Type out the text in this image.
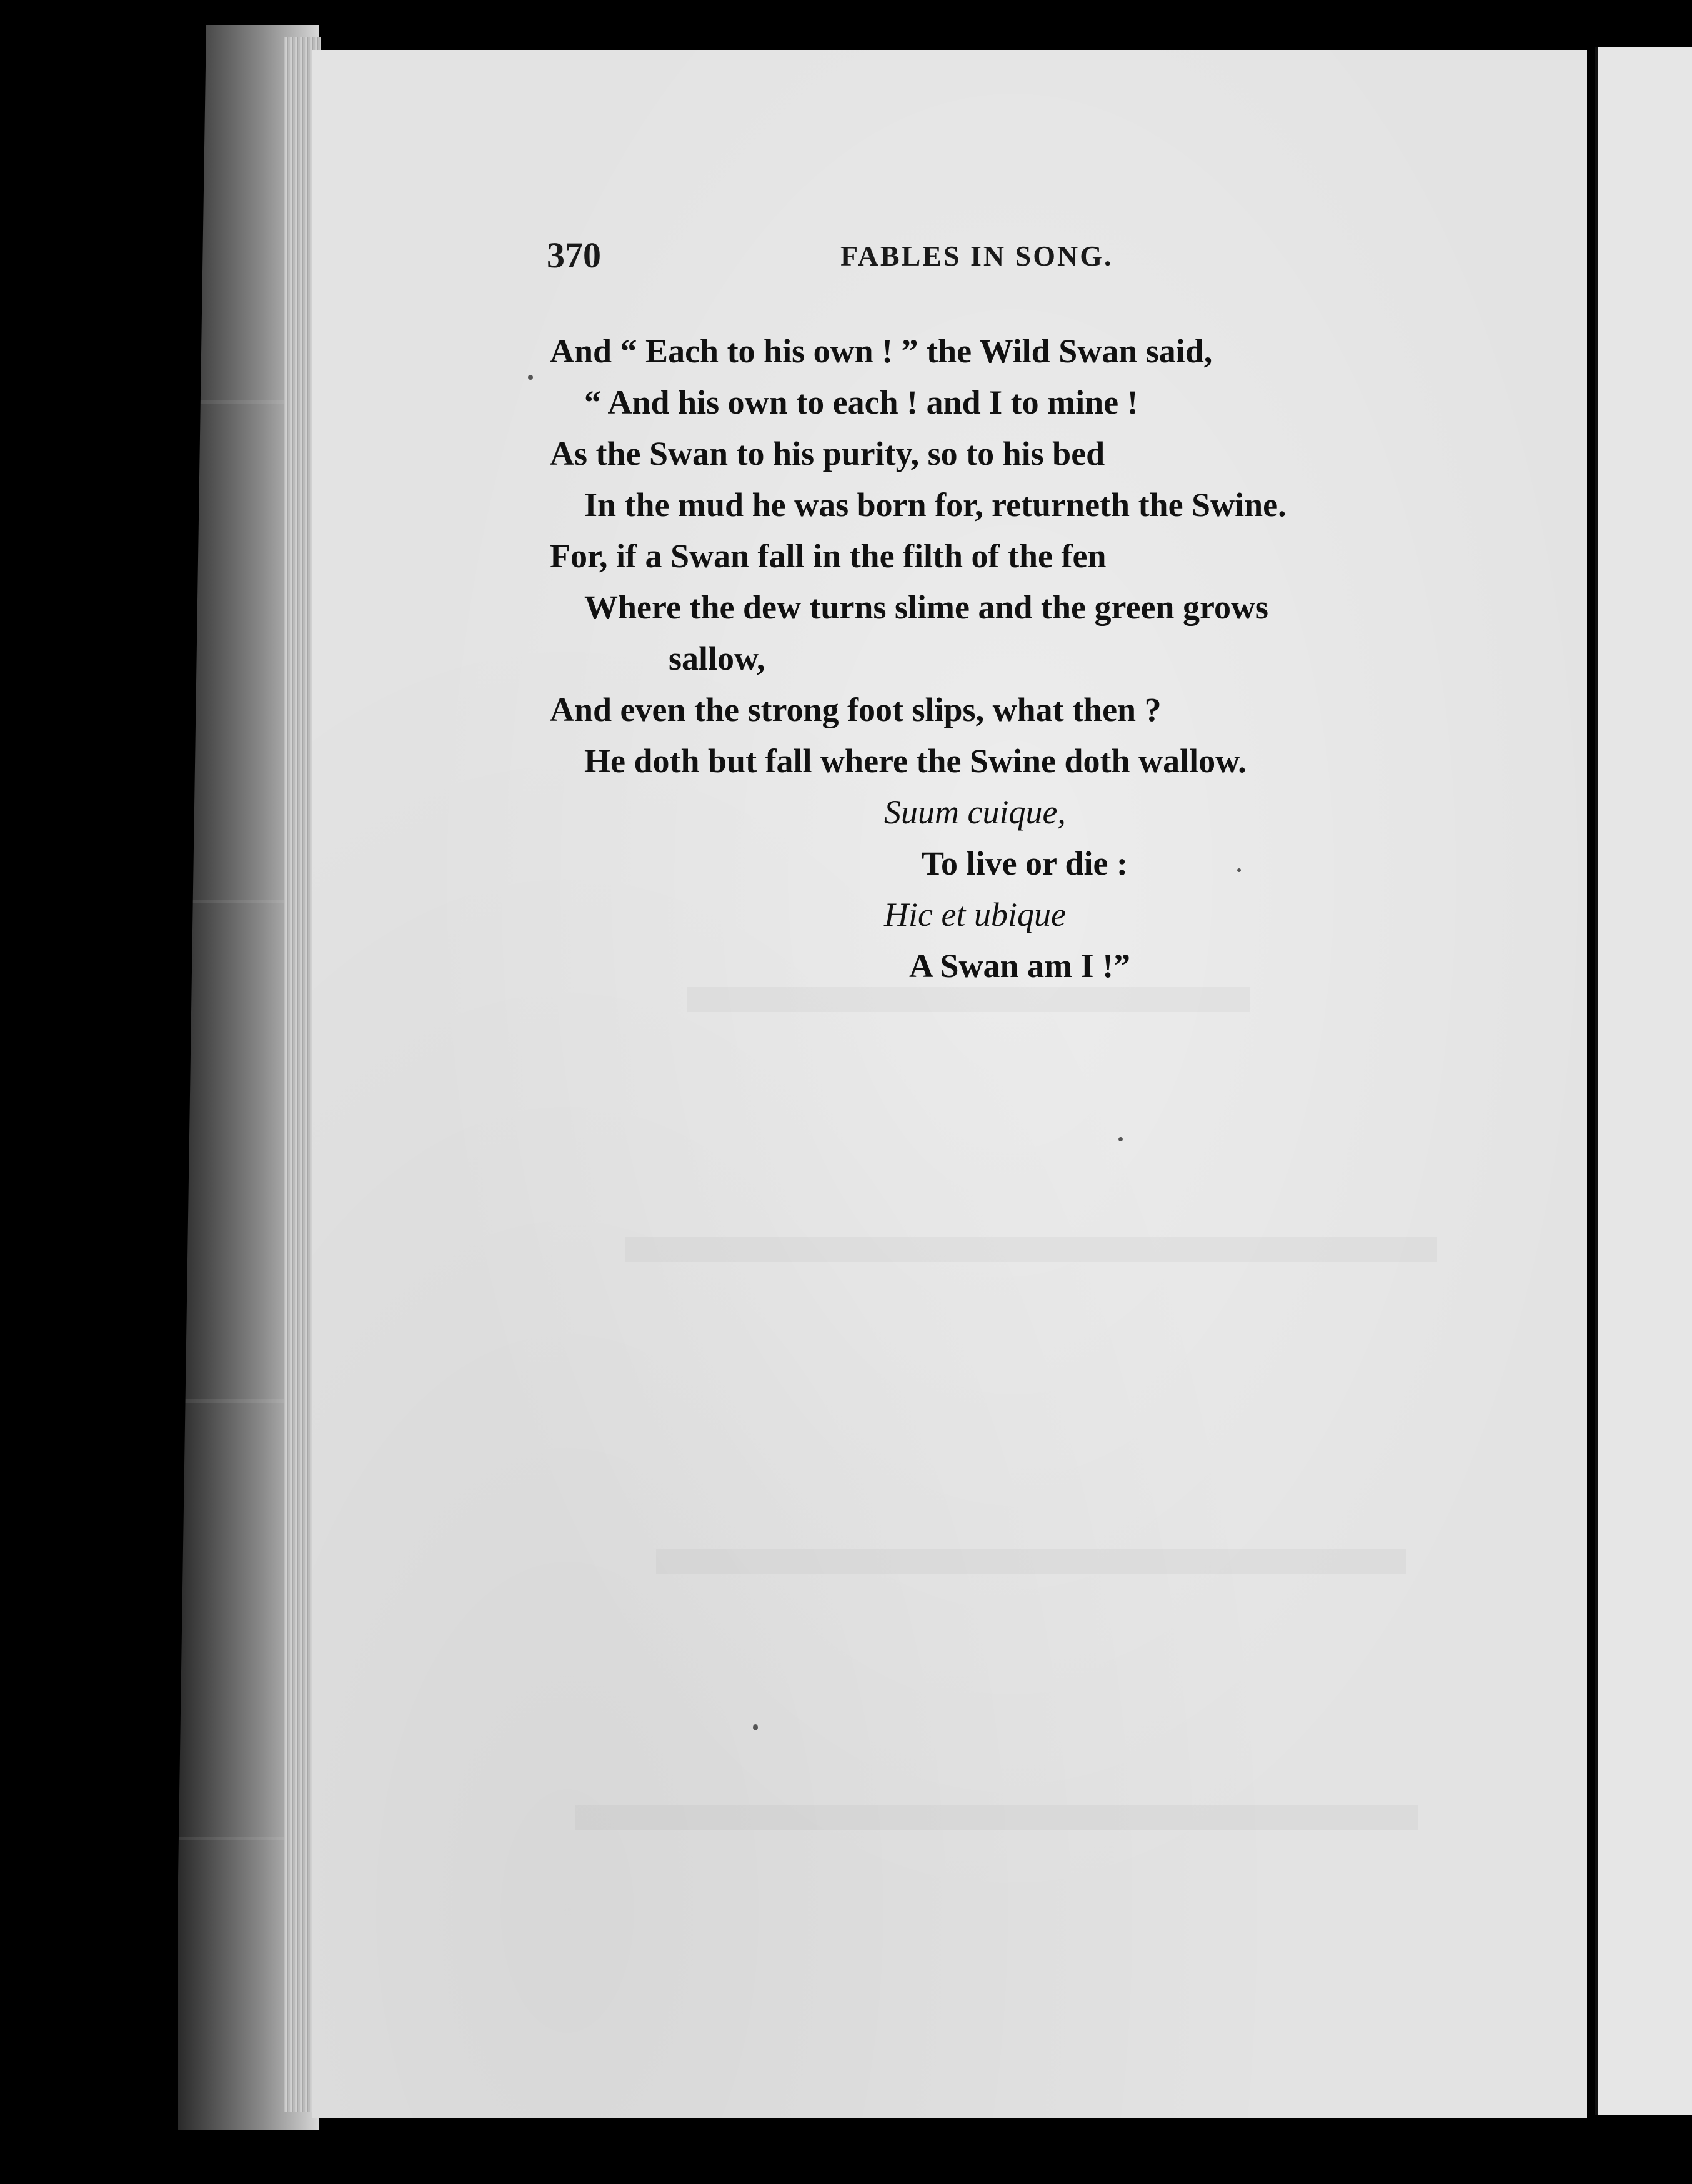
370	FABLES IN SONG.
And “ Each to his own ! ” the Wild Swan said,
“ And his own to each ! and I to mine !
As the Swan to his purity, so to his bed
In the mud he was born for, returneth the Swine.
For, if a Swan fall in the filth of the fen
Where the dew turns slime and the green grows
sallow,
And even the strong foot slips, what then ?
He doth but fall where the Swine doth wallow.
Suum cuique,
To live or die :
Hic et ubique
A Swan am I !”
